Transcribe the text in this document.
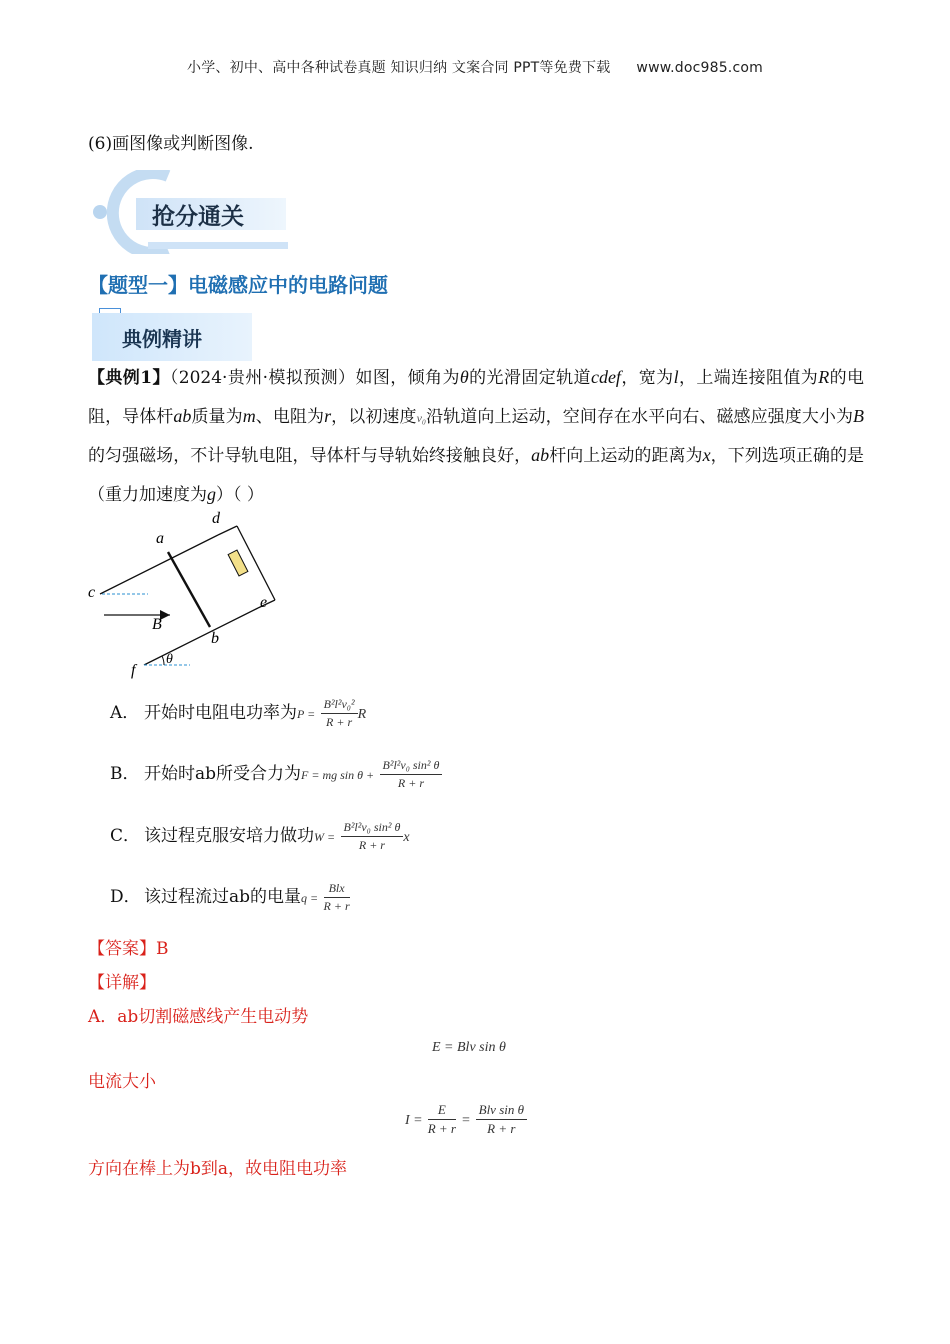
小学、初中、高中各种试卷真题 知识归纳 文案合同 PPT等免费下载 www.doc985.com
(6)画图像或判断图像.
抢分通关
【题型一】电磁感应中的电路问题
典例精讲
【典例1】（2024·贵州·模拟预测）如图，倾角为θ的光滑固定轨道cdef，宽为l，上端连接阻值为R的电阻，导体杆ab质量为m、电阻为r，以初速度v₀沿轨道向上运动，空间存在水平向右、磁感应强度大小为B的匀强磁场，不计导轨电阻，导体杆与导轨始终接触良好，ab杆向上运动的距离为x，下列选项正确的是（重力加速度为g）（ ）
a
b
c
d
e
f
B
θ
A． 开始时电阻电功率为$P = \frac{\text{B²l²v₀²}}{R + r}$ R
B． 开始时ab所受合力为F = mg $\sin \theta + \frac{\text{B²l²v₀ sin² θ}}{R + r}$
C． 该过程克服安培力做功$W = \frac{\text{B²l²v₀ sin² θ}}{R + r}$ x
D． 该过程流过ab的电量$q = \frac{\text{Blx}}{R + r}$
【答案】B
【详解】
A．ab切割磁感线产生电动势
E = Blv sin θ
电流大小
$I = \frac{E}{R + r} = \frac{\text{Blv sin θ}}{R + r}$
方向在棒上为b到a，故电阻电功率
